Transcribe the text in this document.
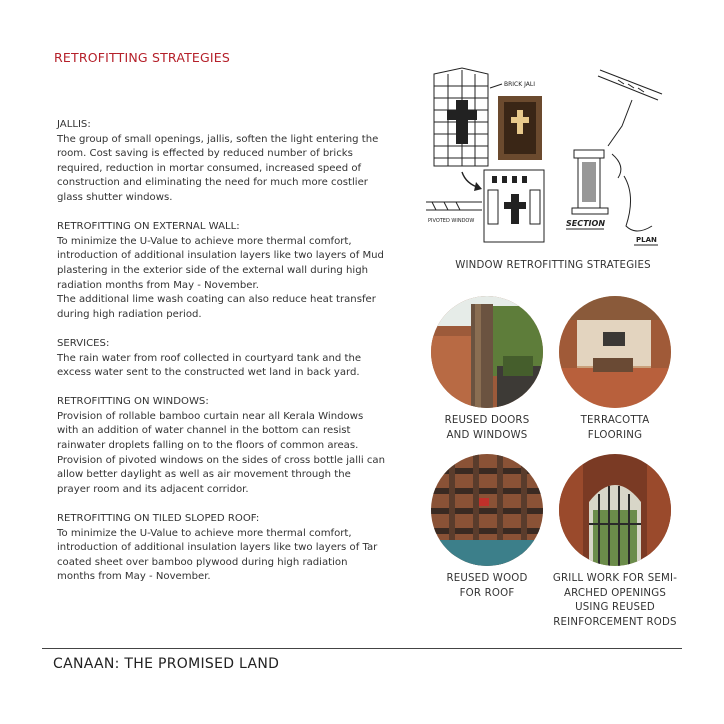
RETROFITTING STRATEGIES
JALLIS:

The group of small openings, jallis, soften the light entering the room. Cost saving is effected by reduced number of bricks required, reduction in mortar consumed, increased speed of construction and eliminating the need for much more costlier glass shutter windows.

RETROFITTING ON EXTERNAL WALL:

To minimize the U-Value to achieve more thermal comfort, introduction of additional insulation layers like two layers of Mud plastering in the exterior side of the external wall during high radiation months from May - November.

The additional lime wash coating can also reduce heat transfer during high radiation period.

SERVICES:

The rain water from roof collected in courtyard tank and the excess water sent to the constructed wet land in back yard.

RETROFITTING ON WINDOWS:

Provision of rollable bamboo curtain near all Kerala Windows with an addition of water channel in the bottom can resist rainwater droplets falling on to the floors of common areas. Provision of pivoted windows on the sides of cross bottle jalli can allow better daylight as well as air movement through the prayer room and its adjacent corridor.

RETROFITTING ON TILED SLOPED ROOF:

To minimize the U-Value to achieve more thermal comfort, introduction of additional insulation layers like two layers of Tar coated sheet over bamboo plywood during high radiation months from May - November.

BRICK JALI
PIVOTED WINDOW	SECTION
PLAN
WINDOW RETROFITTING STRATEGIES
REUSED DOORS
AND WINDOWS
TERRACOTTA
FLOORING
REUSED WOOD
FOR ROOF
GRILL WORK FOR SEMI-
ARCHED OPENINGS
USING REUSED
REINFORCEMENT RODS
CANAAN: THE PROMISED LAND
